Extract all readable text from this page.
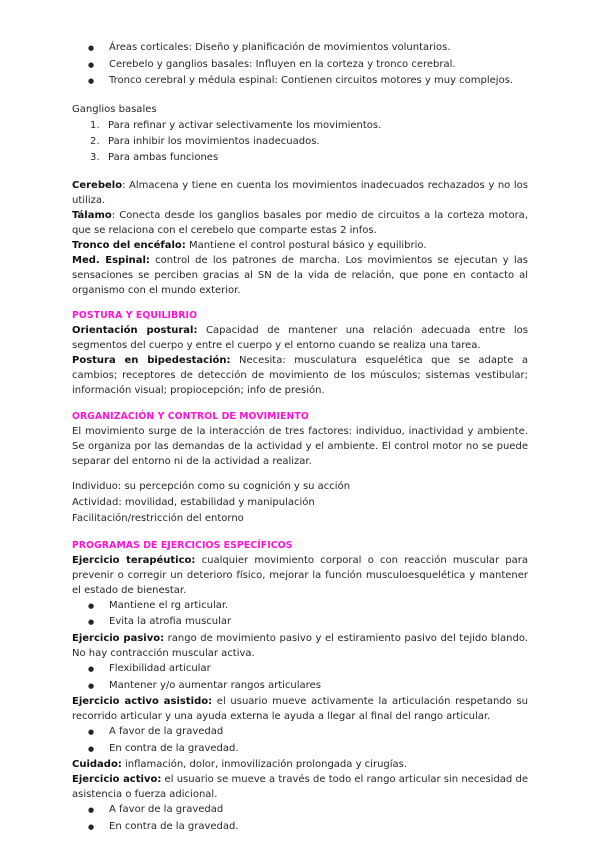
● Áreas corticales: Diseño y planificación de movimientos voluntarios.
● Cerebelo y ganglios basales: Influyen en la corteza y tronco cerebral.
● Tronco cerebral y médula espinal: Contienen circuitos motores y muy complejos.
Ganglios basales
1. Para refinar y activar selectivamente los movimientos.
2. Para inhibir los movimientos inadecuados.
3. Para ambas funciones
Cerebelo: Almacena y tiene en cuenta los movimientos inadecuados rechazados y no los utiliza.
Tálamo: Conecta desde los ganglios basales por medio de circuitos a la corteza motora, que se relaciona con el cerebelo que comparte estas 2 infos.
Tronco del encéfalo: Mantiene el control postural básico y equilibrio.
Med. Espinal: control de los patrones de marcha. Los movimientos se ejecutan y las sensaciones se perciben gracias al SN de la vida de relación, que pone en contacto al organismo con el mundo exterior.
POSTURA Y EQUILIBRIO
Orientación postural: Capacidad de mantener una relación adecuada entre los segmentos del cuerpo y entre el cuerpo y el entorno cuando se realiza una tarea.
Postura en bipedestación: Necesita: musculatura esquelética que se adapte a cambios; receptores de detección de movimiento de los músculos; sistemas vestibular; información visual; propiocepción; info de presión.
ORGANIZACIÓN Y CONTROL DE MOVIMIENTO
El movimiento surge de la interacción de tres factores: individuo, inactividad y ambiente. Se organiza por las demandas de la actividad y el ambiente. El control motor no se puede separar del entorno ni de la actividad a realizar.
Individuo: su percepción como su cognición y su acción
Actividad: movilidad, estabilidad y manipulación
Facilitación/restricción del entorno
PROGRAMAS DE EJERCICIOS ESPECÍFICOS
Ejercicio terapéutico: cualquier movimiento corporal o con reacción muscular para prevenir o corregir un deterioro físico, mejorar la función musculoesquelética y mantener el estado de bienestar.
● Mantiene el rg articular.
● Evita la atrofia muscular
Ejercicio pasivo: rango de movimiento pasivo y el estiramiento pasivo del tejido blando. No hay contracción muscular activa.
● Flexibilidad articular
● Mantener y/o aumentar rangos articulares
Ejercicio activo asistido: el usuario mueve activamente la articulación respetando su recorrido articular y una ayuda externa le ayuda a llegar al final del rango articular.
● A favor de la gravedad
● En contra de la gravedad.
Cuidado: inflamación, dolor, inmovilización prolongada y cirugías.
Ejercicio activo: el usuario se mueve a través de todo el rango articular sin necesidad de asistencia o fuerza adicional.
● A favor de la gravedad
● En contra de la gravedad.
